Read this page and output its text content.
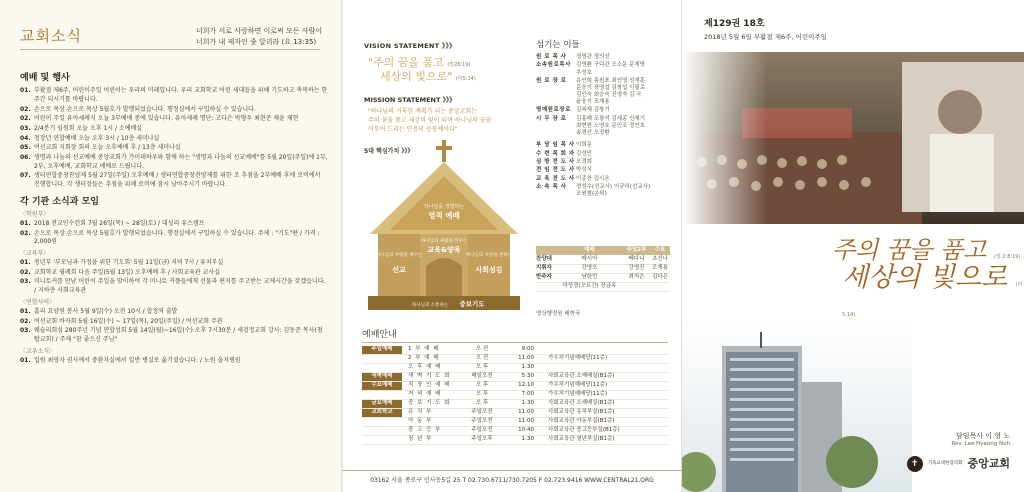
교회소식	너희가 서로 사랑하면 이로써 모든 사람이
너희가 내 제자인 줄 알리라 (요 13:35)
예배 및 행사
01. 부활절 제6주, 어린이주일 어린이는 우리의 미래입니다. 우리 교회학교 어린 세대들을 위해 기도하고 축복하는 한 주간 되시기를 바랍니다.
02. 손으로 목상 손으로 목상 5월호가 발행되었습니다. 행정실에서 구입하실 수 있습니다.
02. 어린이 주일 유아세례식 오늘 3부예배 중에 있습니다. 유아세례 명단: 고다은 박형우 최현준 채윤 채현
03. 2/4분기 임원회 오늘 오후 1시 / 소예배실
04. 청장년 연합예배 오늘 오후 3시 / 10층 세미나실
05. 여선교회 지회장 회의 오늘 오후예배 후 / 13층 세미나실
06. 생명과 나눔의 선교예배 중앙교회가 가이데하우와 함께 하는 "생명과 나눔의 선교예배"를 5월 20일(주일)에 1부, 2부, 오후예배, 교회학교 예배로 드립니다.
07. 생터연합중창찬양제 5월 27일(주일) 오후예배 / 생터연합중창찬양제를 위한 조 추첨을 2부예배 후에 로비에서 진행합니다. 각 생터장들은 추첨을 위해 로비에 잠시 남아주시기 바랍니다.
각 기관 소식과 모임
〈학원부〉
01. 2018 전교인수련회 7월 26일(목) ~ 28일(토) / 대성리 유스캠프
02. 손으로 목상 손으로 목상 5월호가 발행되었습니다. 행정실에서 구입하실 수 있습니다. 주제 : "기도"편 / 가격 : 2,000원
〈교육부〉
01. 청년부 '부모님과 가정을 위한 기도회' 5월 11일(금) 저녁 7시 / 유치부실
02. 교회학교 월례회 다음 주일(5월 13일) 오후예배 후 / 사회교육관 교사실
03. 미니토커를 만남 어린이 주일을 맞이하여 각 미니토 커플들에게 선물과 편지를 주고받는 교제시간을 갖겠습니다. / 지하층 사회교육관
〈연합사역〉
01. 홈리 요양원 봉사 5월 9일(수) 오전 10시 / 합정역 출발
02. 여선교회 바자회 5월 16일(수) ~ 17일(목), 20일(주일) / 여선교회 주관
03. 웨슬리회심 280주년 기념 연합성회 5월 14일(월)~16일(수) 오후 7시30분 / 세검정교회 강사: 김동준 목사(첨탑교회) / 주제 "참 좋으신 주님"
〈교우소식〉
01. 입원 최영자 권사께서 중환자실에서 일반 병실로 옮기셨습니다. / 노원 을지병원
VISION STATEMENT 》》》
"주의 꿈을 품고 (빌28:19)
세상의 빛으로" (마5:14)
MISSION STATEMENT 》》》
"하나님의 거룩한 계획가 되는 중앙교회는
주의 꿈을 품고 세상의 빛이 되며 하나님의 꿈을
이루어 드리는 믿음의 공동체이다"
5대 핵심가치 》》》
하나님을 경험하는
영적 예배
하나님의 사람을 세우는
선교
하나님의 사람을 키우는
교육&양육
하나님의 사랑을 전하는
사회섬김
하나님과 소통하는 중보기도
예배안내
주일예배	1 부 예 배	오 전	9:00
2 부 예 배	오 전	11:00	가우처기념예배당(11층)
오 후 예 배	오 후	1:30
새벽예배	새 벽 기 도 회	매일오전	5:30	사회교육관 소예배실(B1층)
수요예배	직 장 인 예 배	오 후	12:10	가우처기념예배당(11층)
저 녁 예 배	오 후	7:00	가우처기념예배당(11층)
금요예배	중 보 기 도 회	오 후	1:30	사회교육관 소예배실(B1층)
교회학교	유 치 부	주일오전	11:00	사회교육관 유치부실(B1층)
아 동 부	주일오전	11:00	사회교육관 아동부실(B1층)
중 고 등 부	주일오전	10:40	사회교육관 중고등부실(B1층)
청 년 부	주일오후	1:30	사회교육관 청년부실(B1층)
03162 서울 종로구 인사동5길 25 T 02.730.6711/730.7205 F 02.723.9416 WWW.CENTRAL21.ORG
섬기는 이들
원 로 목 사	정영관 정의선
소속원로목사 김영환 구덕관 오소운 문계방
추성호
원 로 장 로	유인희 홍원표 최인영 성재훈
문웅기 장영섭 김창섭 이필로
김인숙 최승숙 진영자 김 국
윤웅기 조재용
명예원로장로 김복재 김창기
시 무 장 로	김홍배 조광석 김세종 신재기
최현원 노영호 문인조 정인호
송경선 오정환
부 담 임 목 사 이희문
수 련 목 회 자 김성민
심 방 전 도 사 오경희
전 임 전 도 사 박성식
교 육 전 도 사 이종찬 김시온
소 속 목 사	정성수(선교사) 이규하(선교사)
조원철(은퇴)
	예배	주일2부	수요
찬양대	메시아	베다니	초선나
지휘자	강영오	강영진	조재용
반주자	남한민	최지은	김다은
	하성경(오르간) 장금옥		
영상행정원 배현국
제129권 18호
2018년 5월 6일 부활절 제6주, 어린이주일
주의 꿈을 품고 (빌 2:8:19)
세상의 빛으로 (마 5:14)
담임목사 이 형 노
Rev. Lee Hyeong Noh
✝	기독교대한감리회 중앙교회
